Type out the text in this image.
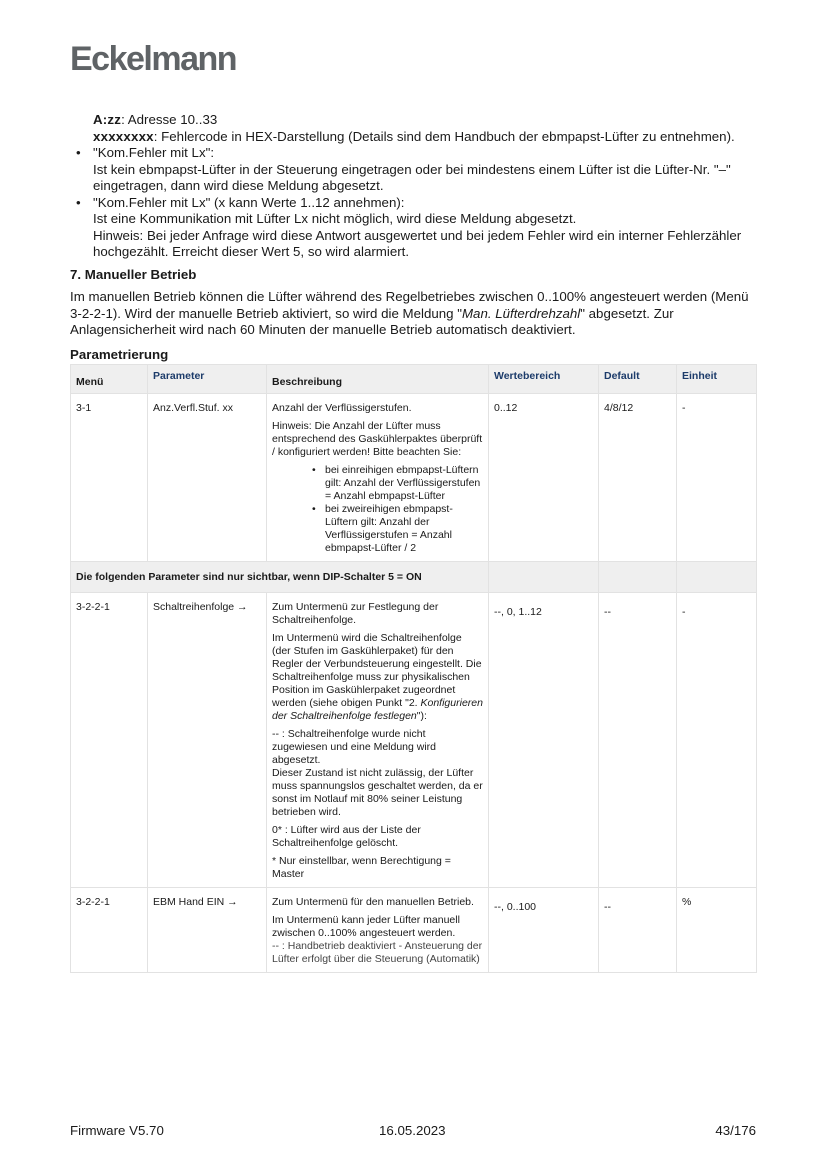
Eckelmann
A:zz: Adresse 10..33
xxxxxxxx: Fehlercode in HEX-Darstellung (Details sind dem Handbuch der ebmpapst-Lüfter zu entnehmen).
• "Kom.Fehler mit Lx":
Ist kein ebmpapst-Lüfter in der Steuerung eingetragen oder bei mindestens einem Lüfter ist die Lüfter-Nr. "–" eingetragen, dann wird diese Meldung abgesetzt.
• "Kom.Fehler mit Lx" (x kann Werte 1..12 annehmen):
Ist eine Kommunikation mit Lüfter Lx nicht möglich, wird diese Meldung abgesetzt.
Hinweis: Bei jeder Anfrage wird diese Antwort ausgewertet und bei jedem Fehler wird ein interner Fehlerzähler hochgezählt. Erreicht dieser Wert 5, so wird alarmiert.
7. Manueller Betrieb

Im manuellen Betrieb können die Lüfter während des Regelbetriebes zwischen 0..100% angesteuert werden (Menü 3-2-2-1). Wird der manuelle Betrieb aktiviert, so wird die Meldung "Man. Lüfterdrehzahl" abgesetzt. Zur Anlagensicherheit wird nach 60 Minuten der manuelle Betrieb automatisch deaktiviert.

Parametrierung
Menü	Parameter	Beschreibung	Wertebereich	Default	Einheit
3-1	Anz.Verfl.Stuf. xx	Anzahl der Verflüssigerstufen.

Hinweis: Die Anzahl der Lüfter muss entsprechend des Gaskühlerpaktes überprüft / konfiguriert werden! Bitte beachten Sie:

• bei einreihigen ebmpapst-Lüftern gilt: Anzahl der Verflüssigerstufen = Anzahl ebmpapst-Lüfter
• bei zweireihigen ebmpapst-Lüftern gilt: Anzahl der Verflüssigerstufen = Anzahl ebmpapst-Lüfter / 2
	0..12	4/8/12	-
Die folgenden Parameter sind nur sichtbar, wenn DIP-Schalter 5 = ON					
3-2-2-1	Schaltreihenfolge →	Zum Untermenü zur Festlegung der Schaltreihenfolge.

Im Untermenü wird die Schaltreihenfolge (der Stufen im Gaskühlerpaket) für den Regler der Verbundsteuerung eingestellt. Die Schaltreihenfolge muss zur physikalischen Position im Gaskühlerpaket zugeordnet werden (siehe obigen Punkt "2. Konfigurieren der Schaltreihenfolge festlegen"):

-- : Schaltreihenfolge wurde nicht zugewiesen und eine Meldung wird abgesetzt.
Dieser Zustand ist nicht zulässig, der Lüfter muss spannungslos geschaltet werden, da er sonst im Notlauf mit 80% seiner Leistung betrieben wird.

0* : Lüfter wird aus der Liste der Schaltreihenfolge gelöscht.

* Nur einstellbar, wenn Berechtigung = Master

	--, 0, 1..12	--	-
3-2-2-1	EBM Hand EIN →	Zum Untermenü für den manuellen Betrieb.

Im Untermenü kann jeder Lüfter manuell zwischen 0..100% angesteuert werden.
-- : Handbetrieb deaktiviert - Ansteuerung der Lüfter erfolgt über die Steuerung (Automatik)	--, 0..100	--	%
Firmware V5.70	16.05.2023	43/176
